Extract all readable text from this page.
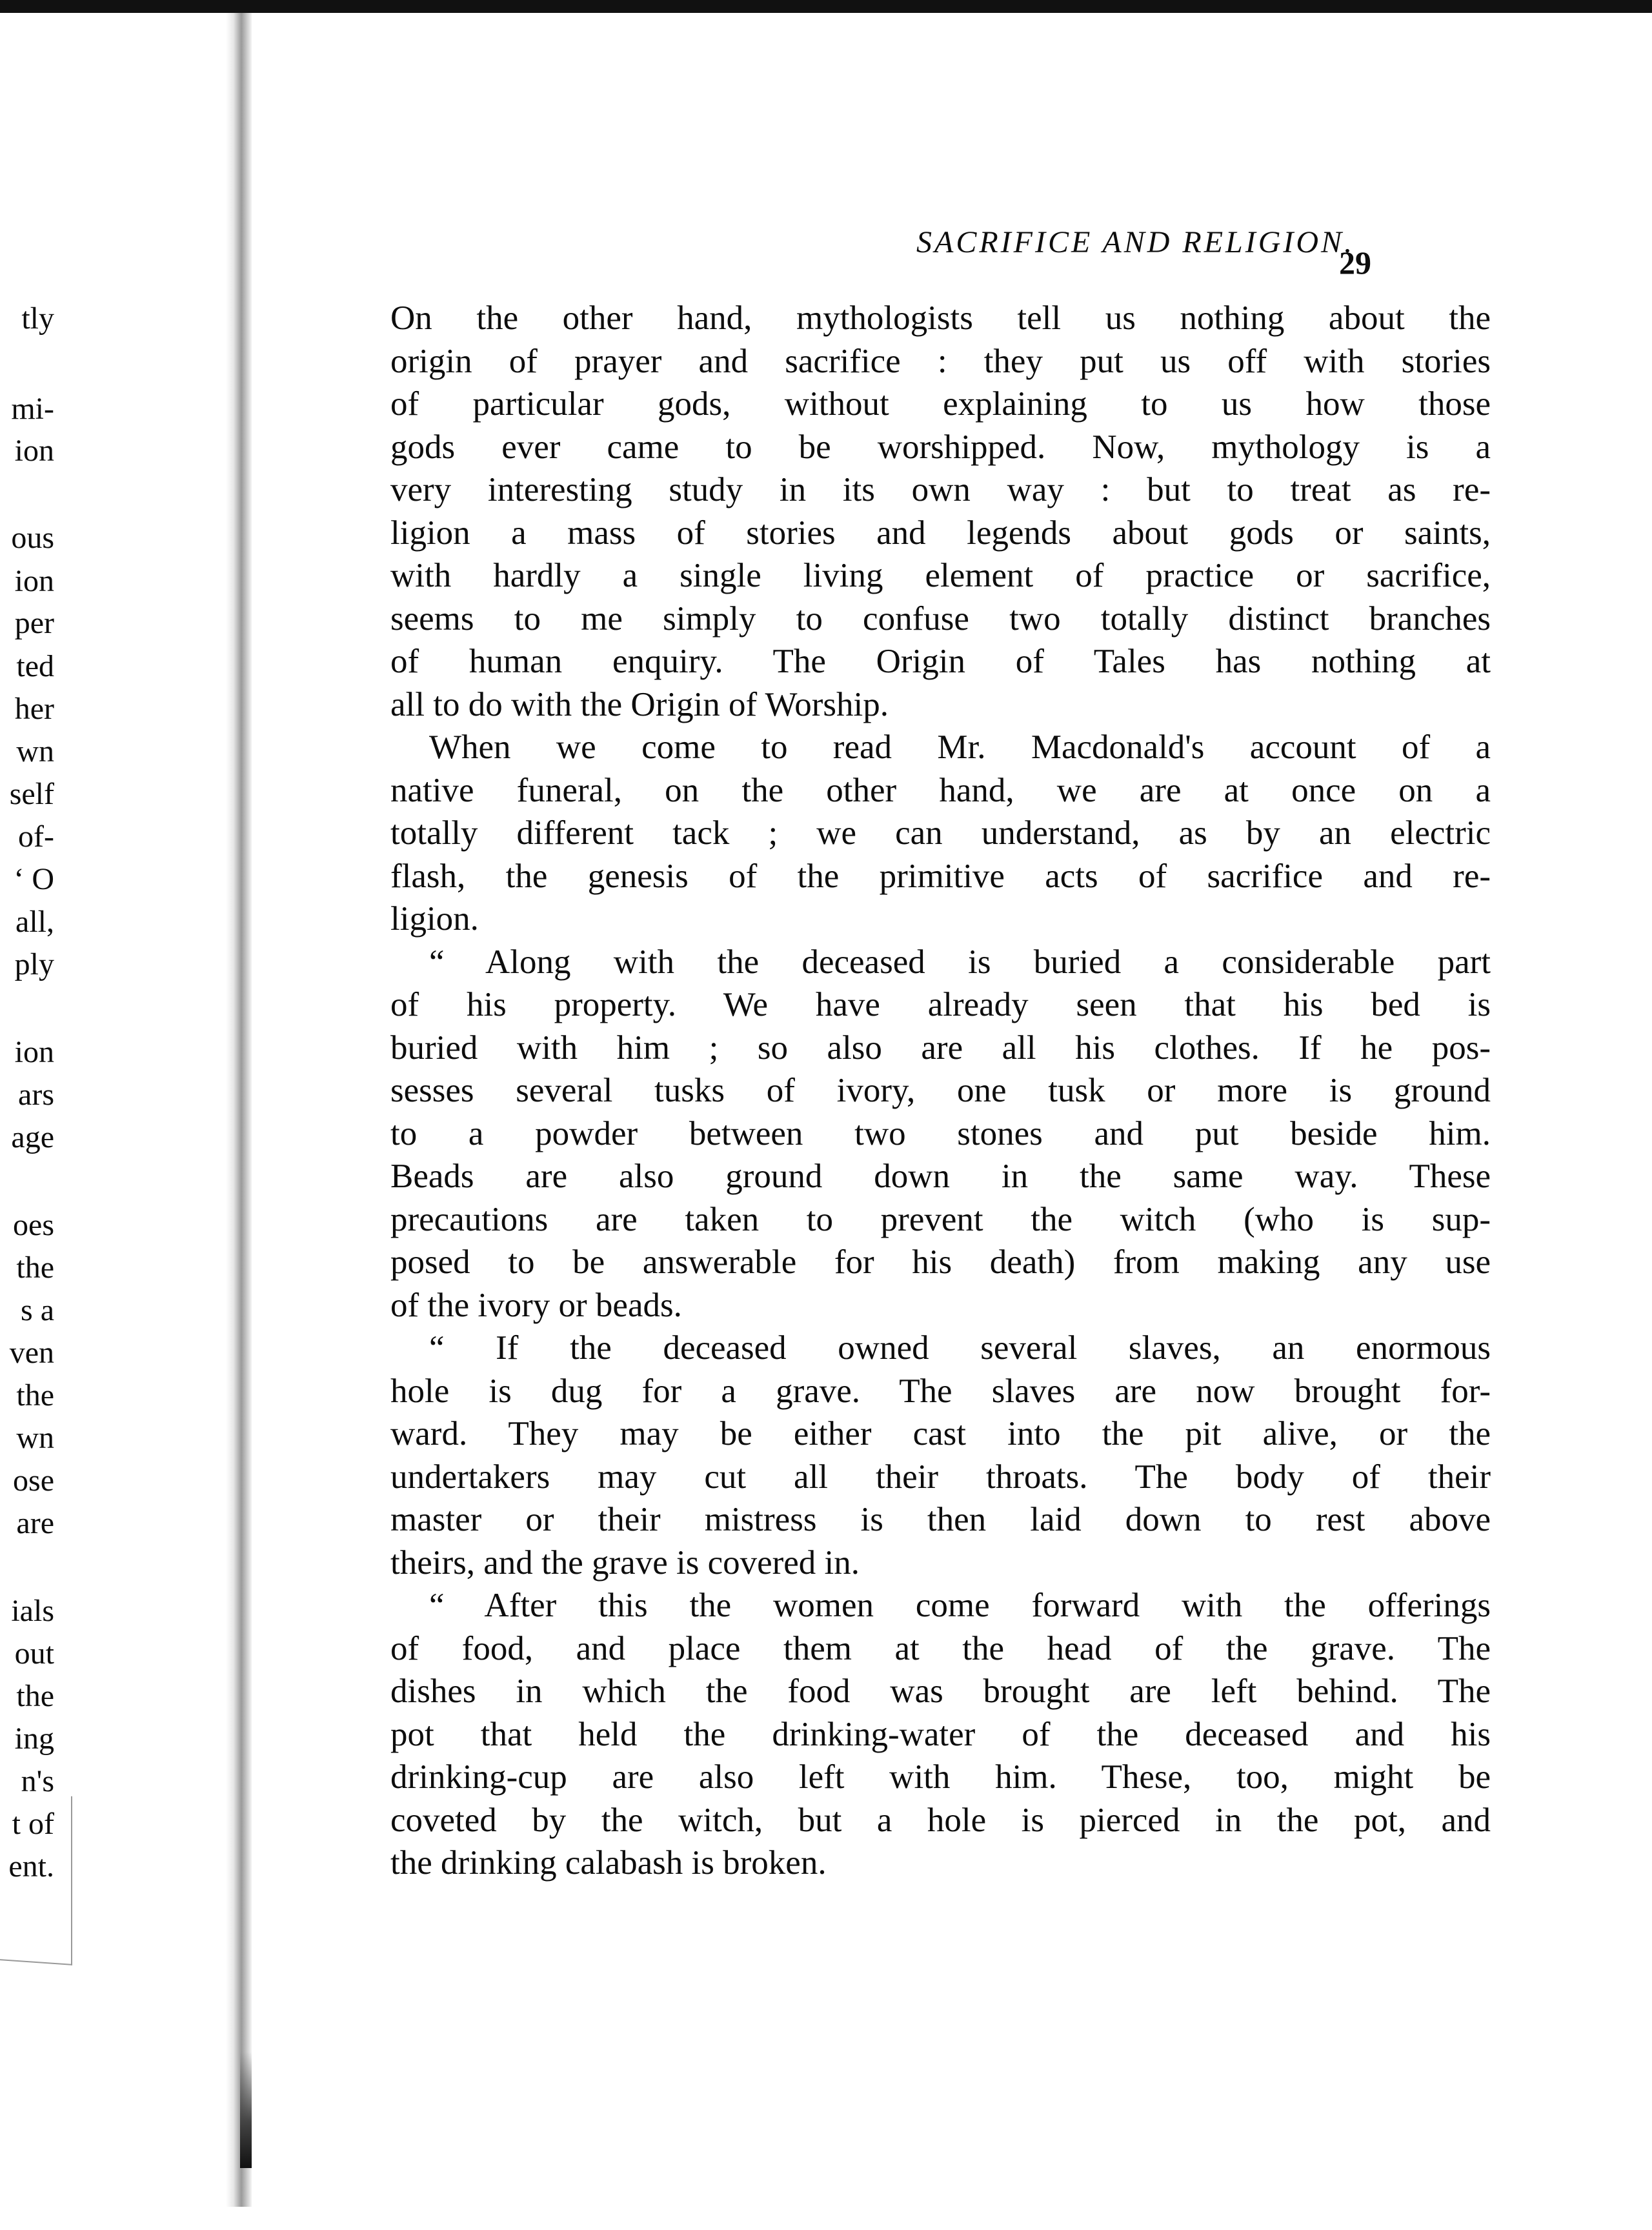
tly
mi-
ion
ous
ion
per
ted
her
wn
self
of-
‘ O
all,
ply
ion
ars
age
oes
the
s a
ven
the
wn
ose
are
ials
out
the
ing
n's
t of
ent.
SACRIFICE AND RELIGION.
29
On the other hand, mythologists tell us nothing about the
origin of prayer and sacrifice : they put us off with stories
of particular gods, without explaining to us how those
gods ever came to be worshipped. Now, mythology is a
very interesting study in its own way : but to treat as re-
ligion a mass of stories and legends about gods or saints,
with hardly a single living element of practice or sacrifice,
seems to me simply to confuse two totally distinct branches
of human enquiry. The Origin of Tales has nothing at
all to do with the Origin of Worship.
When we come to read Mr. Macdonald's account of a
native funeral, on the other hand, we are at once on a
totally different tack ; we can understand, as by an electric
flash, the genesis of the primitive acts of sacrifice and re-
ligion.
“ Along with the deceased is buried a considerable part
of his property. We have already seen that his bed is
buried with him ; so also are all his clothes. If he pos-
sesses several tusks of ivory, one tusk or more is ground
to a powder between two stones and put beside him.
Beads are also ground down in the same way. These
precautions are taken to prevent the witch (who is sup-
posed to be answerable for his death) from making any use
of the ivory or beads.
“ If the deceased owned several slaves, an enormous
hole is dug for a grave. The slaves are now brought for-
ward. They may be either cast into the pit alive, or the
undertakers may cut all their throats. The body of their
master or their mistress is then laid down to rest above
theirs, and the grave is covered in.
“ After this the women come forward with the offerings
of food, and place them at the head of the grave. The
dishes in which the food was brought are left behind. The
pot that held the drinking-water of the deceased and his
drinking-cup are also left with him. These, too, might be
coveted by the witch, but a hole is pierced in the pot, and
the drinking calabash is broken.
